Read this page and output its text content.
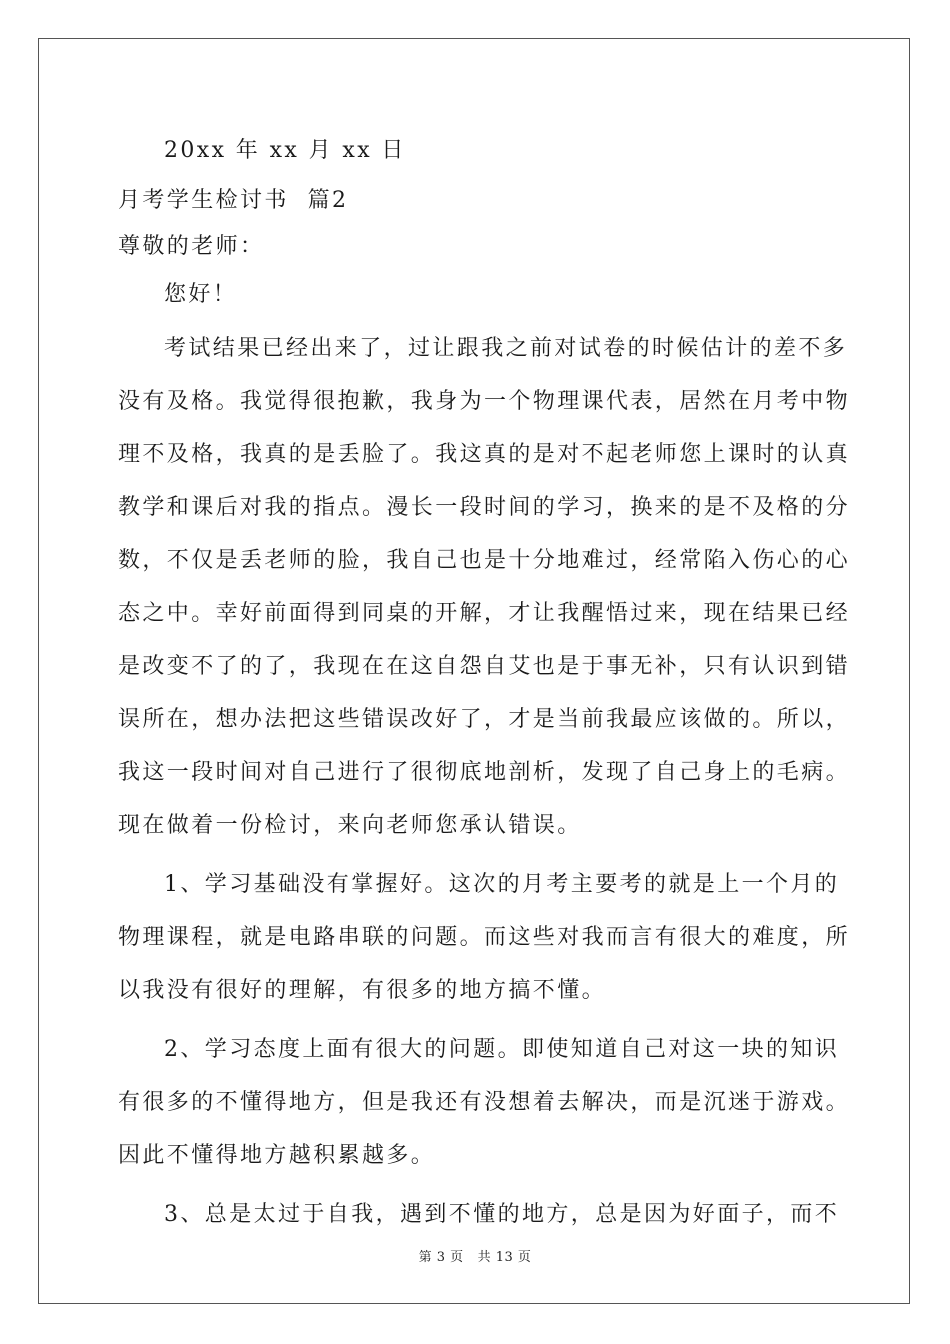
20xx 年 xx 月 xx 日
月考学生检讨书  篇2
尊敬的老师：
您好！
考试结果已经出来了，过让跟我之前对试卷的时候估计的差不多
没有及格。我觉得很抱歉，我身为一个物理课代表，居然在月考中物
理不及格，我真的是丢脸了。我这真的是对不起老师您上课时的认真
教学和课后对我的指点。漫长一段时间的学习，换来的是不及格的分
数，不仅是丢老师的脸，我自己也是十分地难过，经常陷入伤心的心
态之中。幸好前面得到同桌的开解，才让我醒悟过来，现在结果已经
是改变不了的了，我现在在这自怨自艾也是于事无补，只有认识到错
误所在，想办法把这些错误改好了，才是当前我最应该做的。所以，
我这一段时间对自己进行了很彻底地剖析，发现了自己身上的毛病。
现在做着一份检讨，来向老师您承认错误。
1、学习基础没有掌握好。这次的月考主要考的就是上一个月的
物理课程，就是电路串联的问题。而这些对我而言有很大的难度，所
以我没有很好的理解，有很多的地方搞不懂。
2、学习态度上面有很大的问题。即使知道自己对这一块的知识
有很多的不懂得地方，但是我还有没想着去解决，而是沉迷于游戏。
因此不懂得地方越积累越多。
3、总是太过于自我，遇到不懂的地方，总是因为好面子，而不
第 3 页 共 13 页
